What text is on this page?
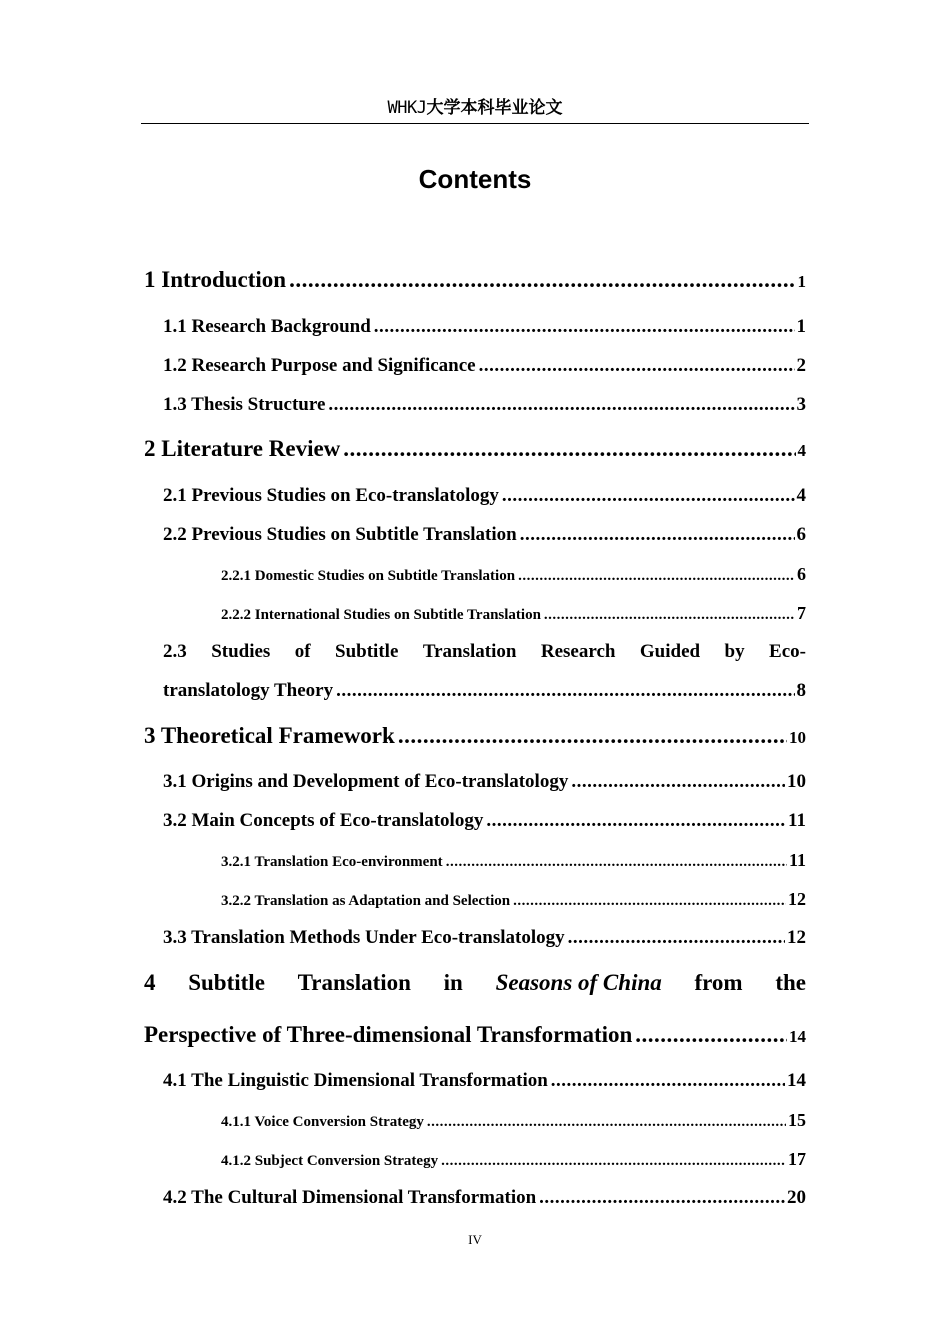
WHKJ大学本科毕业论文
Contents
1 Introduction .....	1
1.1 Research Background .....	1
1.2 Research Purpose and Significance .....	2
1.3 Thesis Structure .....	3
2 Literature Review .....	4
2.1 Previous Studies on Eco-translatology .....	4
2.2 Previous Studies on Subtitle Translation .....	6
2.2.1 Domestic Studies on Subtitle Translation .....	6
2.2.2 International Studies on Subtitle Translation .....	7
2.3 Studies of Subtitle Translation Research Guided by Eco-
translatology Theory .....	8
3 Theoretical Framework .....	10
3.1 Origins and Development of Eco-translatology .....	10
3.2 Main Concepts of Eco-translatology .....	11
3.2.1 Translation Eco-environment .....	11
3.2.2 Translation as Adaptation and Selection .....	12
3.3 Translation Methods Under Eco-translatology .....	12
4 Subtitle Translation in Seasons of China from the
Perspective of Three-dimensional Transformation .....	14
4.1 The Linguistic Dimensional Transformation .....	14
4.1.1 Voice Conversion Strategy .....	15
4.1.2 Subject Conversion Strategy .....	17
4.2 The Cultural Dimensional Transformation .....	20
IV
